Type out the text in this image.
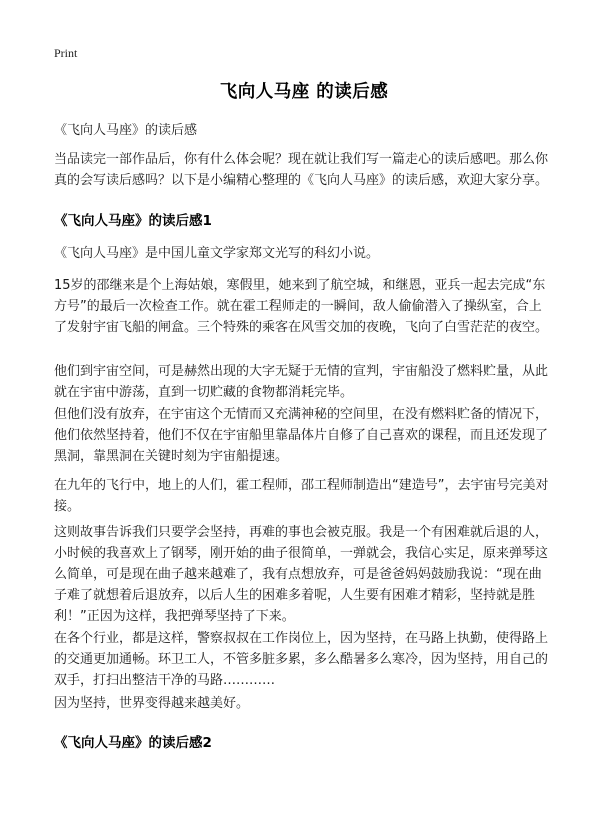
Print
飞向人马座 的读后感

《飞向人马座》的读后感

当品读完一部作品后，你有什么体会呢？现在就让我们写一篇走心的读后感吧。那么你真的会写读后感吗？以下是小编精心整理的《飞向人马座》的读后感，欢迎大家分享。

《飞向人马座》的读后感1

《飞向人马座》是中国儿童文学家郑文光写的科幻小说。

15岁的邵继来是个上海姑娘，寒假里，她来到了航空城，和继恩，亚兵一起去完成“东方号”的最后一次检查工作。就在霍工程师走的一瞬间，敌人偷偷潜入了操纵室，合上了发射宇宙飞船的闸盒。三个特殊的乘客在风雪交加的夜晚，飞向了白雪茫茫的夜空。

他们到宇宙空间，可是赫然出现的大字无疑于无情的宣判，宇宙船没了燃料贮量，从此就在宇宙中游荡，直到一切贮藏的食物都消耗完毕。

但他们没有放弃，在宇宙这个无情而又充满神秘的空间里，在没有燃料贮备的情况下，他们依然坚持着，他们不仅在宇宙船里靠晶体片自修了自己喜欢的课程，而且还发现了黑洞，靠黑洞在关键时刻为宇宙船提速。

在九年的飞行中，地上的人们，霍工程师，邵工程师制造出“建造号”，去宇宙号完美对接。

这则故事告诉我们只要学会坚持，再难的事也会被克服。我是一个有困难就后退的人，小时候的我喜欢上了钢琴，刚开始的曲子很简单，一弹就会，我信心实足，原来弹琴这么简单，可是现在曲子越来越难了，我有点想放弃，可是爸爸妈妈鼓励我说：“现在曲子难了就想着后退放弃，以后人生的困难多着呢，人生要有困难才精彩，坚持就是胜利！”正因为这样，我把弹琴坚持了下来。

在各个行业，都是这样，警察叔叔在工作岗位上，因为坚持，在马路上执勤，使得路上的交通更加通畅。环卫工人，不管多脏多累，多么酷暑多么寒冷，因为坚持，用自己的双手，打扫出整洁干净的马路…………

因为坚持，世界变得越来越美好。

《飞向人马座》的读后感2
